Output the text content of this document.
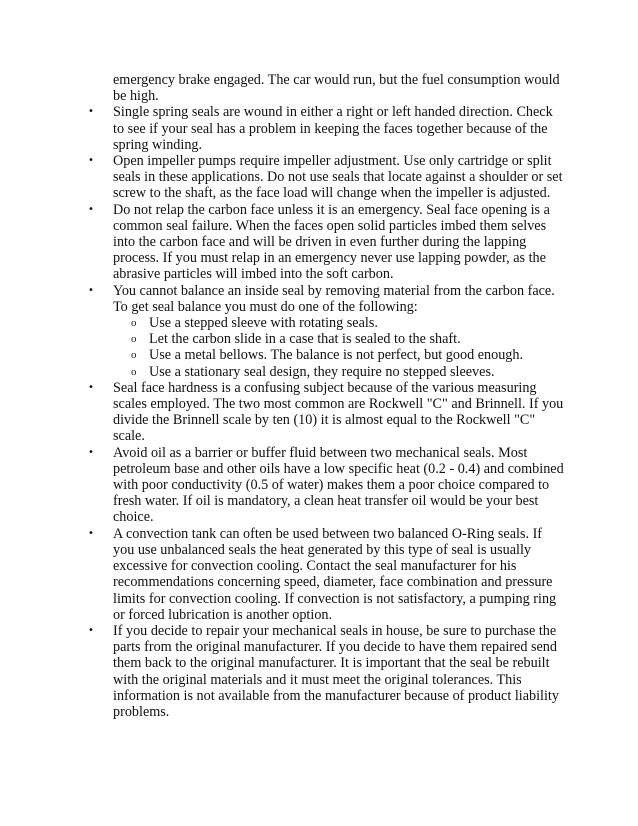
emergency brake engaged. The car would run, but the fuel consumption would be high.

• Single spring seals are wound in either a right or left handed direction. Check to see if your seal has a problem in keeping the faces together because of the spring winding.
• Open impeller pumps require impeller adjustment. Use only cartridge or split seals in these applications. Do not use seals that locate against a shoulder or set screw to the shaft, as the face load will change when the impeller is adjusted.
• Do not relap the carbon face unless it is an emergency. Seal face opening is a common seal failure. When the faces open solid particles imbed them selves into the carbon face and will be driven in even further during the lapping process. If you must relap in an emergency never use lapping powder, as the abrasive particles will imbed into the soft carbon.
• You cannot balance an inside seal by removing material from the carbon face. To get seal balance you must do one of the following:
o Use a stepped sleeve with rotating seals.
o Let the carbon slide in a case that is sealed to the shaft.
o Use a metal bellows. The balance is not perfect, but good enough.
o Use a stationary seal design, they require no stepped sleeves.
• Seal face hardness is a confusing subject because of the various measuring scales employed. The two most common are Rockwell "C" and Brinnell. If you divide the Brinnell scale by ten (10) it is almost equal to the Rockwell "C" scale.
• Avoid oil as a barrier or buffer fluid between two mechanical seals. Most petroleum base and other oils have a low specific heat (0.2 - 0.4) and combined with poor conductivity (0.5 of water) makes them a poor choice compared to fresh water. If oil is mandatory, a clean heat transfer oil would be your best choice.
• A convection tank can often be used between two balanced O-Ring seals. If you use unbalanced seals the heat generated by this type of seal is usually excessive for convection cooling. Contact the seal manufacturer for his recommendations concerning speed, diameter, face combination and pressure limits for convection cooling. If convection is not satisfactory, a pumping ring or forced lubrication is another option.
• If you decide to repair your mechanical seals in house, be sure to purchase the parts from the original manufacturer. If you decide to have them repaired send them back to the original manufacturer. It is important that the seal be rebuilt with the original materials and it must meet the original tolerances. This information is not available from the manufacturer because of product liability problems.
